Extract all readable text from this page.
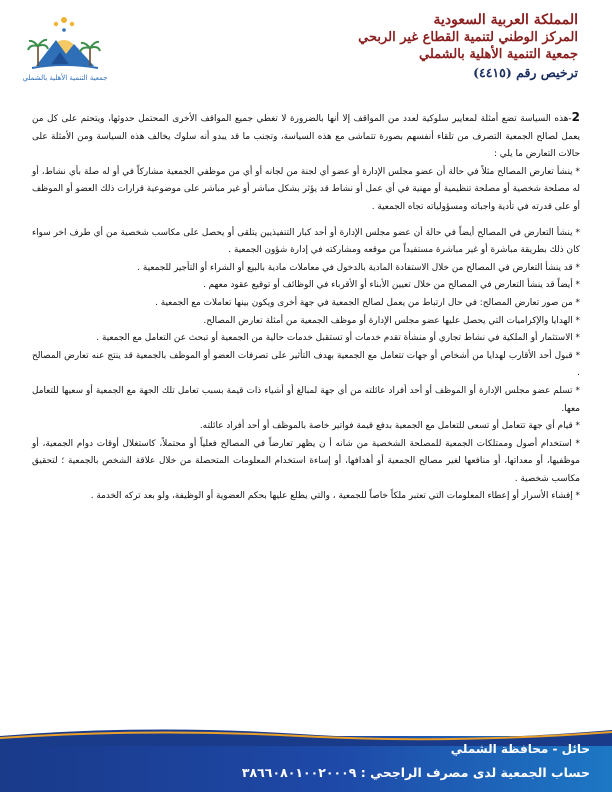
جمعية التنمية الأهلية بالشملي
المملكة العربية السعودية
المركز الوطني لتنمية القطاع غير الربحي
جمعية التنمية الأهلية بالشملي
ترخيص رقم (٤٤١٥)

2-هذه السياسة تضع أمثلة لمعايير سلوكية لعدد من المواقف إلا أنها بالضرورة لا تغطي جميع المواقف الأخرى المحتمل حدوثها، ويتحتم على كل من يعمل لصالح الجمعية التصرف من تلقاء أنفسهم بصورة تتماشى مع هذه السياسة، وتجنب ما قد يبدو أنه سلوك يخالف هذه السياسة ومن الأمثلة على حالات التعارض ما يلي :

* ينشأ تعارض المصالح مثلاً في حالة أن عضو مجلس الإدارة أو عضو أي لجنة من لجانه أو أي من موظفي الجمعية مشاركاً في أو له صلة بأي نشاط، أو له مصلحة شخصية أو مصلحة تنظيمية أو مهنية في أي عمل أو نشاط قد يؤثر بشكل مباشر أو غير مباشر على موضوعية قرارات ذلك العضو أو الموظف أو على قدرته في تأدية واجباته ومسؤولياته تجاه الجمعية .

* ينشأ التعارض في المصالح أيضاً في حالة أن عضو مجلس الإدارة أو أحد كبار التنفيذيين يتلقى أو يحصل على مكاسب شخصية من أي طرف اخر سواء كان ذلك بطريقة مباشرة أو غير مباشرة مستفيداً من موقعه ومشاركته في إدارة شؤون الجمعية .

* قد ينشأ التعارض في المصالح من خلال الاستفادة المادية بالدخول في معاملات مادية بالبيع أو الشراء أو التأجير للجمعية .

* أيضاً قد ينشأ التعارض في المصالح من خلال تعيين الأبناء أو الأقرباء في الوظائف أو توقيع عقود معهم .

* من صور تعارض المصالح: في حال ارتباط من يعمل لصالح الجمعية في جهة أخرى ويكون بينها تعاملات مع الجمعية .

* الهدايا والإكراميات التي يحصل عليها عضو مجلس الإدارة أو موظف الجمعية من أمثلة تعارض المصالح.

* الاستثمار أو الملكية في نشاط تجاري أو منشأة تقدم خدمات أو تستقبل خدمات حالية من الجمعية أو تبحث عن التعامل مع الجمعية .

* قبول أحد الأقارب لهدايا من أشخاص أو جهات تتعامل مع الجمعية بهدف التأثير على تصرفات العضو أو الموظف بالجمعية قد ينتج عنه تعارض المصالح .

* تسلم عضو مجلس الإدارة أو الموظف أو أحد أفراد عائلته من أي جهة لمبالغ أو أشياء ذات قيمة بسبب تعامل تلك الجهة مع الجمعية أو سعيها للتعامل معها.

* قيام أي جهة تتعامل أو تسعى للتعامل مع الجمعية بدفع قيمة فواتير خاصة بالموظف أو أحد أفراد عائلته.

* استخدام أصول وممتلكات الجمعية للمصلحة الشخصية من شانه أ ن يظهر تعارضاً في المصالح فعلياً أو محتملاً، كاستغلال أوقات دوام الجمعية، أو موظفيها، أو معداتها، أو منافعها لغير مصالح الجمعية أو أهدافها، أو إساءة استخدام المعلومات المتحصلة من خلال علاقة الشخص بالجمعية ؛ لتحقيق مكاسب شخصية .

* إفشاء الأسرار أو إعطاء المعلومات التي تعتبر ملكاً خاصاً للجمعية ، والتي يطلع عليها بحكم العضوية أو الوظيفة، ولو بعد تركه الخدمة .

حائل - محافظة الشملي
حساب الجمعية لدى مصرف الراجحي : ٣٨٦٦٠٨٠١٠٠٢٠٠٠٩
